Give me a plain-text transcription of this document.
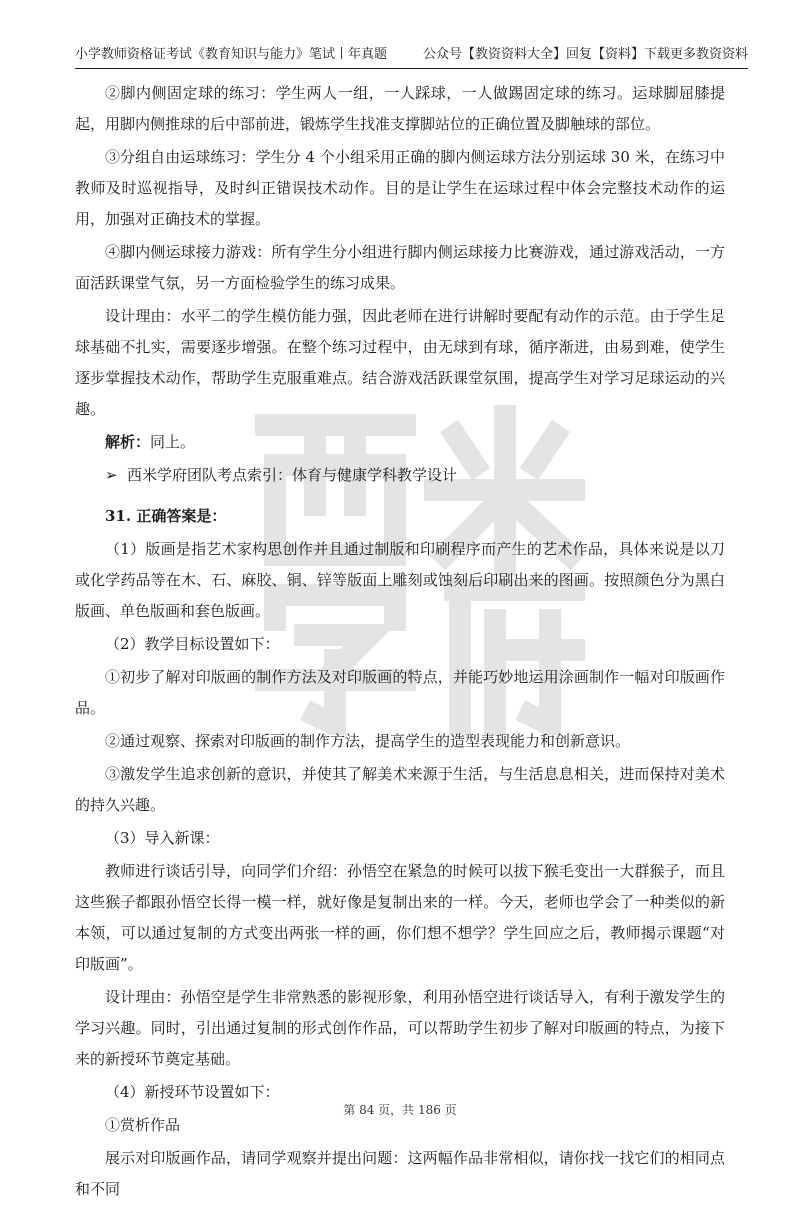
小学教师资格证考试《教育知识与能力》笔试丨年真题	公众号【教资资料大全】回复【资料】下载更多教资资料

②脚内侧固定球的练习：学生两人一组，一人踩球，一人做踢固定球的练习。运球脚屈膝提起，用脚内侧推球的后中部前进，锻炼学生找准支撑脚站位的正确位置及脚触球的部位。

③分组自由运球练习：学生分 4 个小组采用正确的脚内侧运球方法分别运球 30 米，在练习中教师及时巡视指导，及时纠正错误技术动作。目的是让学生在运球过程中体会完整技术动作的运用，加强对正确技术的掌握。

④脚内侧运球接力游戏：所有学生分小组进行脚内侧运球接力比赛游戏，通过游戏活动，一方面活跃课堂气氛，另一方面检验学生的练习成果。

设计理由：水平二的学生模仿能力强，因此老师在进行讲解时要配有动作的示范。由于学生足球基础不扎实，需要逐步增强。在整个练习过程中，由无球到有球，循序渐进，由易到难，使学生逐步掌握技术动作，帮助学生克服重难点。结合游戏活跃课堂氛围，提高学生对学习足球运动的兴趣。

解析：同上。

➢ 西米学府团队考点索引：体育与健康学科教学设计

31. 正确答案是：

（1）版画是指艺术家构思创作并且通过制版和印刷程序而产生的艺术作品，具体来说是以刀或化学药品等在木、石、麻胶、铜、锌等版面上雕刻或蚀刻后印刷出来的图画。按照颜色分为黑白版画、单色版画和套色版画。

（2）教学目标设置如下：

①初步了解对印版画的制作方法及对印版画的特点，并能巧妙地运用涂画制作一幅对印版画作品。

②通过观察、探索对印版画的制作方法，提高学生的造型表现能力和创新意识。

③激发学生追求创新的意识，并使其了解美术来源于生活，与生活息息相关，进而保持对美术的持久兴趣。

（3）导入新课：

教师进行谈话引导，向同学们介绍：孙悟空在紧急的时候可以拔下猴毛变出一大群猴子，而且这些猴子都跟孙悟空长得一模一样，就好像是复制出来的一样。今天，老师也学会了一种类似的新本领，可以通过复制的方式变出两张一样的画，你们想不想学？学生回应之后，教师揭示课题“对印版画”。

设计理由：孙悟空是学生非常熟悉的影视形象，利用孙悟空进行谈话导入，有利于激发学生的学习兴趣。同时，引出通过复制的形式创作作品，可以帮助学生初步了解对印版画的特点，为接下来的新授环节奠定基础。

（4）新授环节设置如下：

①赏析作品

展示对印版画作品，请同学观察并提出问题：这两幅作品非常相似，请你找一找它们的相同点和不同

第 84 页，共 186 页
